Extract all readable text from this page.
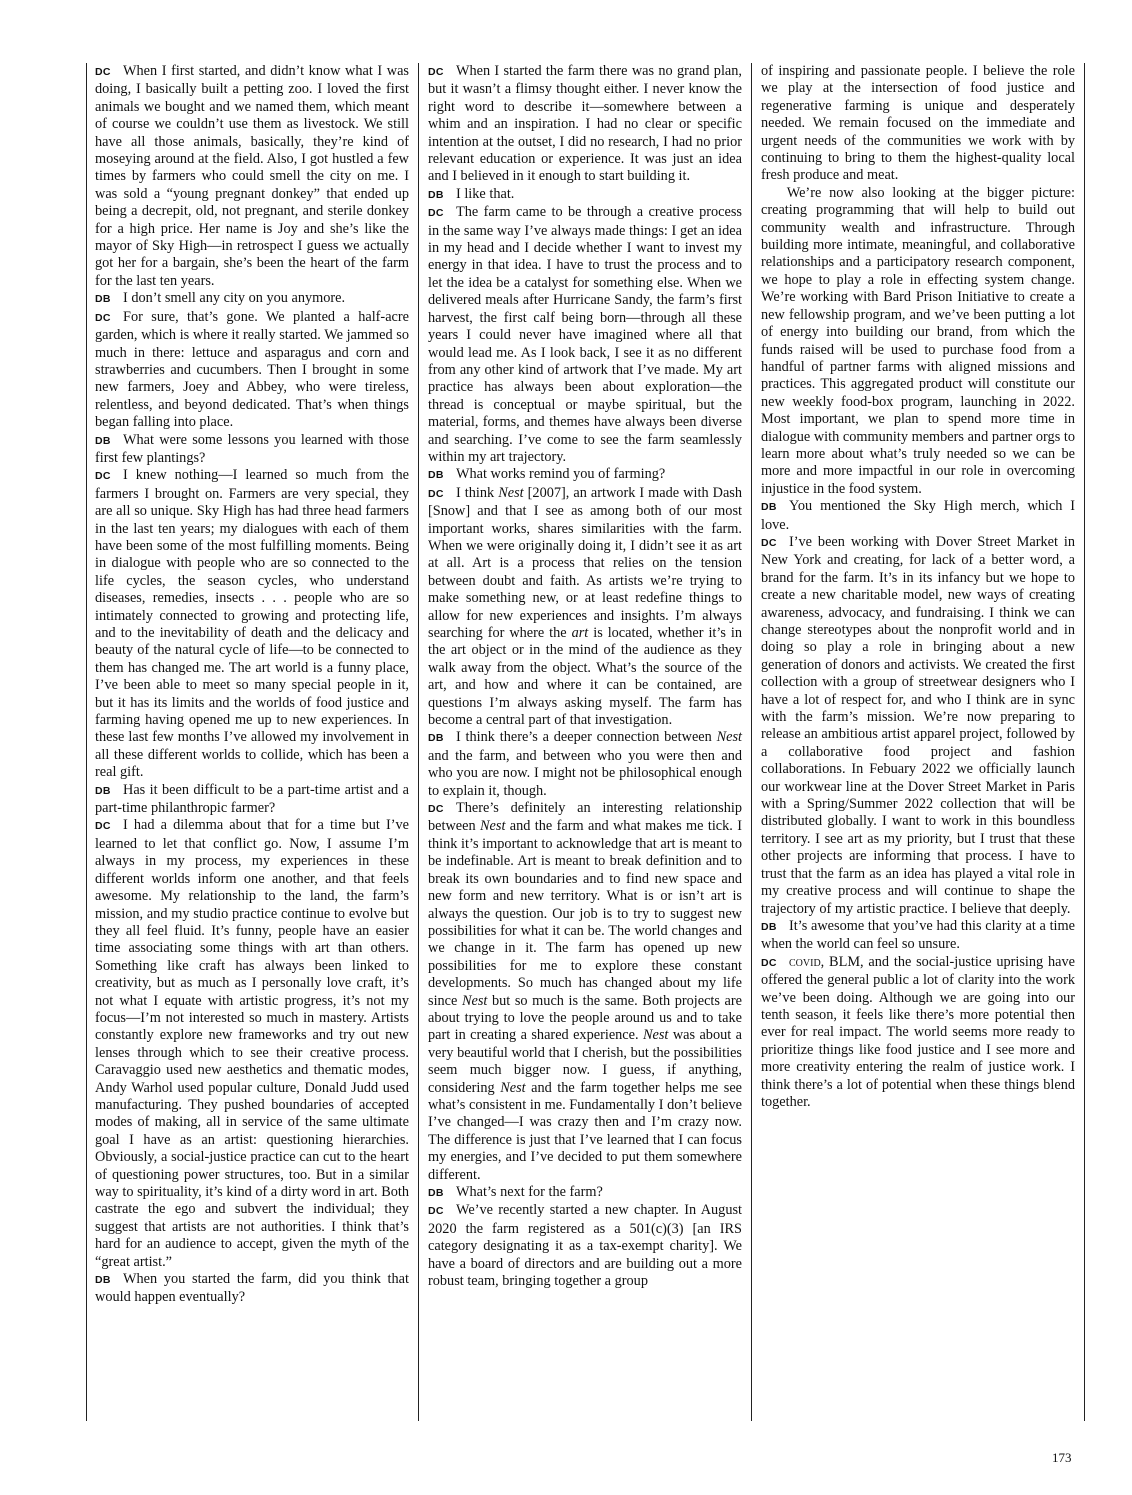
DC When I first started, and didn’t know what I was doing, I basically built a petting zoo. I loved the first animals we bought and we named them, which meant of course we couldn’t use them as livestock. We still have all those animals, basically, they’re kind of moseying around at the field. Also, I got hustled a few times by farmers who could smell the city on me. I was sold a “young pregnant donkey” that ended up being a decrepit, old, not pregnant, and sterile donkey for a high price. Her name is Joy and she’s like the mayor of Sky High—in retrospect I guess we actually got her for a bargain, she’s been the heart of the farm for the last ten years.

DB I don’t smell any city on you anymore.

DC For sure, that’s gone. We planted a half-acre garden, which is where it really started. We jammed so much in there: lettuce and asparagus and corn and strawberries and cucumbers. Then I brought in some new farmers, Joey and Abbey, who were tireless, relentless, and beyond dedicated. That’s when things began falling into place.

DB What were some lessons you learned with those first few plantings?

DC I knew nothing—I learned so much from the farmers I brought on. Farmers are very special, they are all so unique. Sky High has had three head farmers in the last ten years; my dialogues with each of them have been some of the most fulfilling moments. Being in dialogue with people who are so connected to the life cycles, the season cycles, who understand diseases, remedies, insects . . . people who are so intimately connected to growing and protecting life, and to the inevitability of death and the delicacy and beauty of the natural cycle of life—to be connected to them has changed me. The art world is a funny place, I’ve been able to meet so many special people in it, but it has its limits and the worlds of food justice and farming having opened me up to new experiences. In these last few months I’ve allowed my involvement in all these different worlds to collide, which has been a real gift.

DB Has it been difficult to be a part-time artist and a part-time philanthropic farmer?

DC I had a dilemma about that for a time but I’ve learned to let that conflict go. Now, I assume I’m always in my process, my experiences in these different worlds inform one another, and that feels awesome. My relationship to the land, the farm’s mission, and my studio practice continue to evolve but they all feel fluid. It’s funny, people have an easier time associating some things with art than others. Something like craft has always been linked to creativity, but as much as I personally love craft, it’s not what I equate with artistic progress, it’s not my focus—I’m not interested so much in mastery. Artists constantly explore new frameworks and try out new lenses through which to see their creative process. Caravaggio used new aesthetics and thematic modes, Andy Warhol used popular culture, Donald Judd used manufacturing. They pushed boundaries of accepted modes of making, all in service of the same ultimate goal I have as an artist: questioning hierarchies. Obviously, a social-justice practice can cut to the heart of questioning power structures, too. But in a similar way to spirituality, it’s kind of a dirty word in art. Both castrate the ego and subvert the individual; they suggest that artists are not authorities. I think that’s hard for an audience to accept, given the myth of the “great artist.”

DB When you started the farm, did you think that would happen eventually?

DC When I started the farm there was no grand plan, but it wasn’t a flimsy thought either. I never know the right word to describe it—somewhere between a whim and an inspiration. I had no clear or specific intention at the outset, I did no research, I had no prior relevant education or experience. It was just an idea and I believed in it enough to start building it.

DB I like that.

DC The farm came to be through a creative process in the same way I’ve always made things: I get an idea in my head and I decide whether I want to invest my energy in that idea. I have to trust the process and to let the idea be a catalyst for something else. When we delivered meals after Hurricane Sandy, the farm’s first harvest, the first calf being born—through all these years I could never have imagined where all that would lead me. As I look back, I see it as no different from any other kind of artwork that I’ve made. My art practice has always been about exploration—the thread is conceptual or maybe spiritual, but the material, forms, and themes have always been diverse and searching. I’ve come to see the farm seamlessly within my art trajectory.

DB What works remind you of farming?

DC I think Nest [2007], an artwork I made with Dash [Snow] and that I see as among both of our most important works, shares similarities with the farm. When we were originally doing it, I didn’t see it as art at all. Art is a process that relies on the tension between doubt and faith. As artists we’re trying to make something new, or at least redefine things to allow for new experiences and insights. I’m always searching for where the art is located, whether it’s in the art object or in the mind of the audience as they walk away from the object. What’s the source of the art, and how and where it can be contained, are questions I’m always asking myself. The farm has become a central part of that investigation.

DB I think there’s a deeper connection between Nest and the farm, and between who you were then and who you are now. I might not be philosophical enough to explain it, though.

DC There’s definitely an interesting relationship between Nest and the farm and what makes me tick. I think it’s important to acknowledge that art is meant to be indefinable. Art is meant to break definition and to break its own boundaries and to find new space and new form and new territory. What is or isn’t art is always the question. Our job is to try to suggest new possibilities for what it can be. The world changes and we change in it. The farm has opened up new possibilities for me to explore these constant developments. So much has changed about my life since Nest but so much is the same. Both projects are about trying to love the people around us and to take part in creating a shared experience. Nest was about a very beautiful world that I cherish, but the possibilities seem much bigger now. I guess, if anything, considering Nest and the farm together helps me see what’s consistent in me. Fundamentally I don’t believe I’ve changed—I was crazy then and I’m crazy now. The difference is just that I’ve learned that I can focus my energies, and I’ve decided to put them somewhere different.

DB What’s next for the farm?

DC We’ve recently started a new chapter. In August 2020 the farm registered as a 501(c)(3) [an IRS category designating it as a tax-exempt charity]. We have a board of directors and are building out a more robust team, bringing together a group

of inspiring and passionate people. I believe the role we play at the intersection of food justice and regenerative farming is unique and desperately needed. We remain focused on the immediate and urgent needs of the communities we work with by continuing to bring to them the highest-quality local fresh produce and meat.

We’re now also looking at the bigger picture: creating programming that will help to build out community wealth and infrastructure. Through building more intimate, meaningful, and collaborative relationships and a participatory research component, we hope to play a role in effecting system change. We’re working with Bard Prison Initiative to create a new fellowship program, and we’ve been putting a lot of energy into building our brand, from which the funds raised will be used to purchase food from a handful of partner farms with aligned missions and practices. This aggregated product will constitute our new weekly food-box program, launching in 2022. Most important, we plan to spend more time in dialogue with community members and partner orgs to learn more about what’s truly needed so we can be more and more impactful in our role in overcoming injustice in the food system.

DB You mentioned the Sky High merch, which I love.

DC I’ve been working with Dover Street Market in New York and creating, for lack of a better word, a brand for the farm. It’s in its infancy but we hope to create a new charitable model, new ways of creating awareness, advocacy, and fundraising. I think we can change stereotypes about the nonprofit world and in doing so play a role in bringing about a new generation of donors and activists. We created the first collection with a group of streetwear designers who I have a lot of respect for, and who I think are in sync with the farm’s mission. We’re now preparing to release an ambitious artist apparel project, followed by a collaborative food project and fashion collaborations. In Febuary 2022 we officially launch our workwear line at the Dover Street Market in Paris with a Spring/Summer 2022 collection that will be distributed globally. I want to work in this boundless territory. I see art as my priority, but I trust that these other projects are informing that process. I have to trust that the farm as an idea has played a vital role in my creative process and will continue to shape the trajectory of my artistic practice. I believe that deeply.

DB It’s awesome that you’ve had this clarity at a time when the world can feel so unsure.

DC covid, BLM, and the social-justice uprising have offered the general public a lot of clarity into the work we’ve been doing. Although we are going into our tenth season, it feels like there’s more potential then ever for real impact. The world seems more ready to prioritize things like food justice and I see more and more creativity entering the realm of justice work. I think there’s a lot of potential when these things blend together.

173
